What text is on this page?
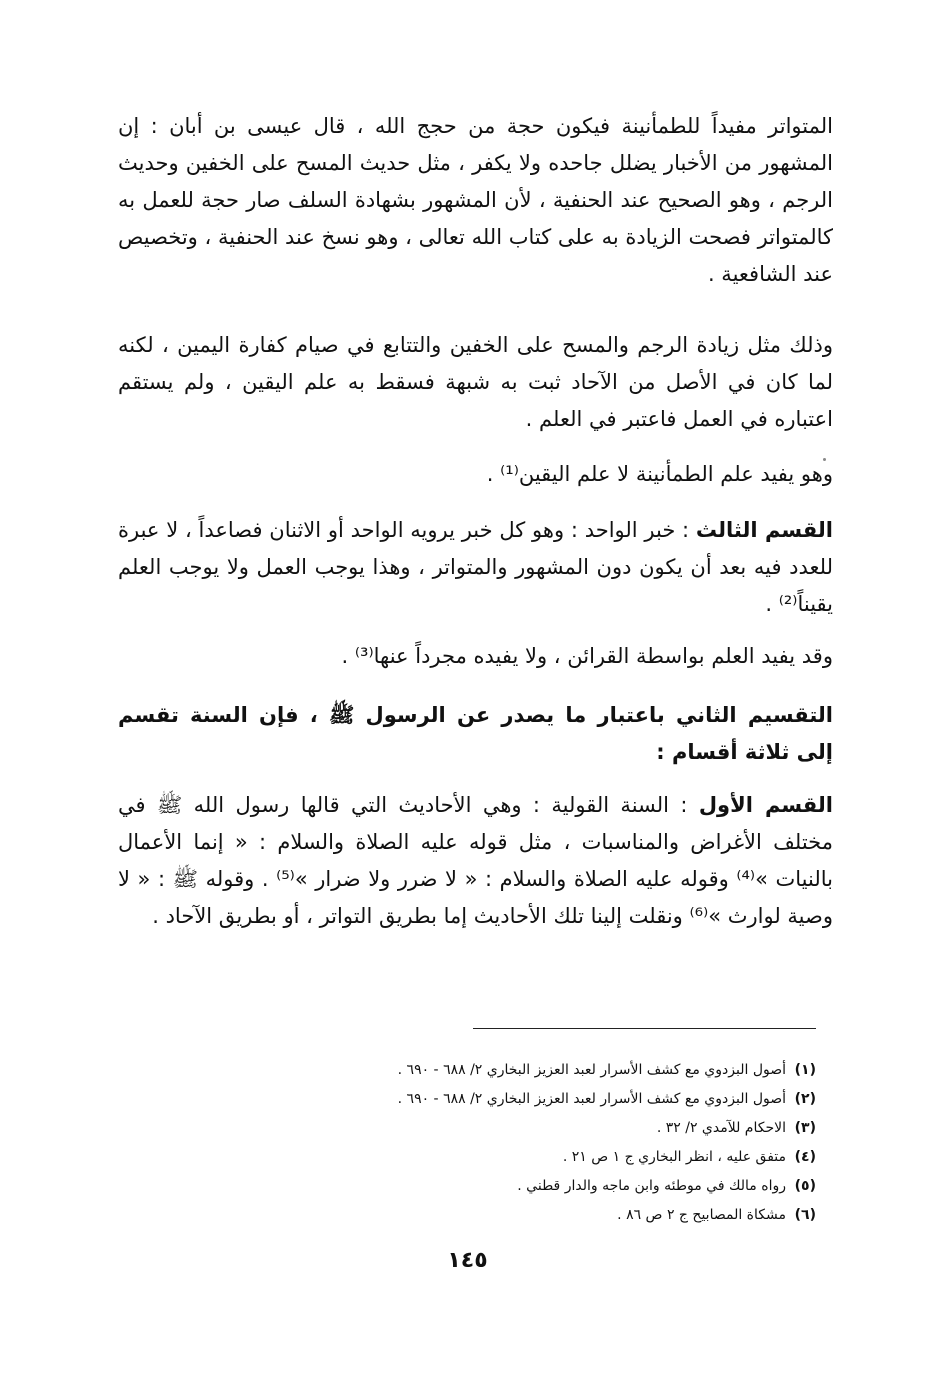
المتواتر مفيداً للطمأنينة فيكون حجة من حجج الله ، قال عيسى بن أبان : إن المشهور من الأخبار يضلل جاحده ولا يكفر ، مثل حديث المسح على الخفين وحديث الرجم ، وهو الصحيح عند الحنفية ، لأن المشهور بشهادة السلف صار حجة للعمل به كالمتواتر فصحت الزيادة به على كتاب الله تعالى ، وهو نسخ عند الحنفية ، وتخصيص عند الشافعية .

وذلك مثل زيادة الرجم والمسح على الخفين والتتابع في صيام كفارة اليمين ، لكنه لما كان في الأصل من الآحاد ثبت به شبهة فسقط به علم اليقين ، ولم يستقم اعتباره في العمل فاعتبر في العلم .

وهو يفيد علم الطمأنينة لا علم اليقين⁽¹⁾ .

القسم الثالث : خبر الواحد : وهو كل خبر يرويه الواحد أو الاثنان فصاعداً ، لا عبرة للعدد فيه بعد أن يكون دون المشهور والمتواتر ، وهذا يوجب العمل ولا يوجب العلم يقيناً⁽²⁾ .

وقد يفيد العلم بواسطة القرائن ، ولا يفيده مجرداً عنها⁽³⁾ .

التقسيم الثاني باعتبار ما يصدر عن الرسول ﷺ ، فإن السنة تقسم إلى ثلاثة أقسام :

القسم الأول : السنة القولية : وهي الأحاديث التي قالها رسول الله ﷺ في مختلف الأغراض والمناسبات ، مثل قوله عليه الصلاة والسلام : « إنما الأعمال بالنيات »⁽⁴⁾ وقوله عليه الصلاة والسلام : « لا ضرر ولا ضرار »⁽⁵⁾ . وقوله ﷺ : « لا وصية لوارث »⁽⁶⁾ ونقلت إلينا تلك الأحاديث إما بطريق التواتر ، أو بطريق الآحاد .

(١)أصول البزدوي مع كشف الأسرار لعبد العزيز البخاري ٢/ ٦٨٨ - ٦٩٠ .
(٢)أصول البزدوي مع كشف الأسرار لعبد العزيز البخاري ٢/ ٦٨٨ - ٦٩٠ .
(٣)الاحكام للآمدي ٢/ ٣٢ .
(٤)متفق عليه ، انظر البخاري ج ١ ص ٢١ .
(٥)رواه مالك في موطئه وابن ماجه والدار قطني .
(٦)مشكاة المصابيح ج ٢ ص ٨٦ .
١٤٥
